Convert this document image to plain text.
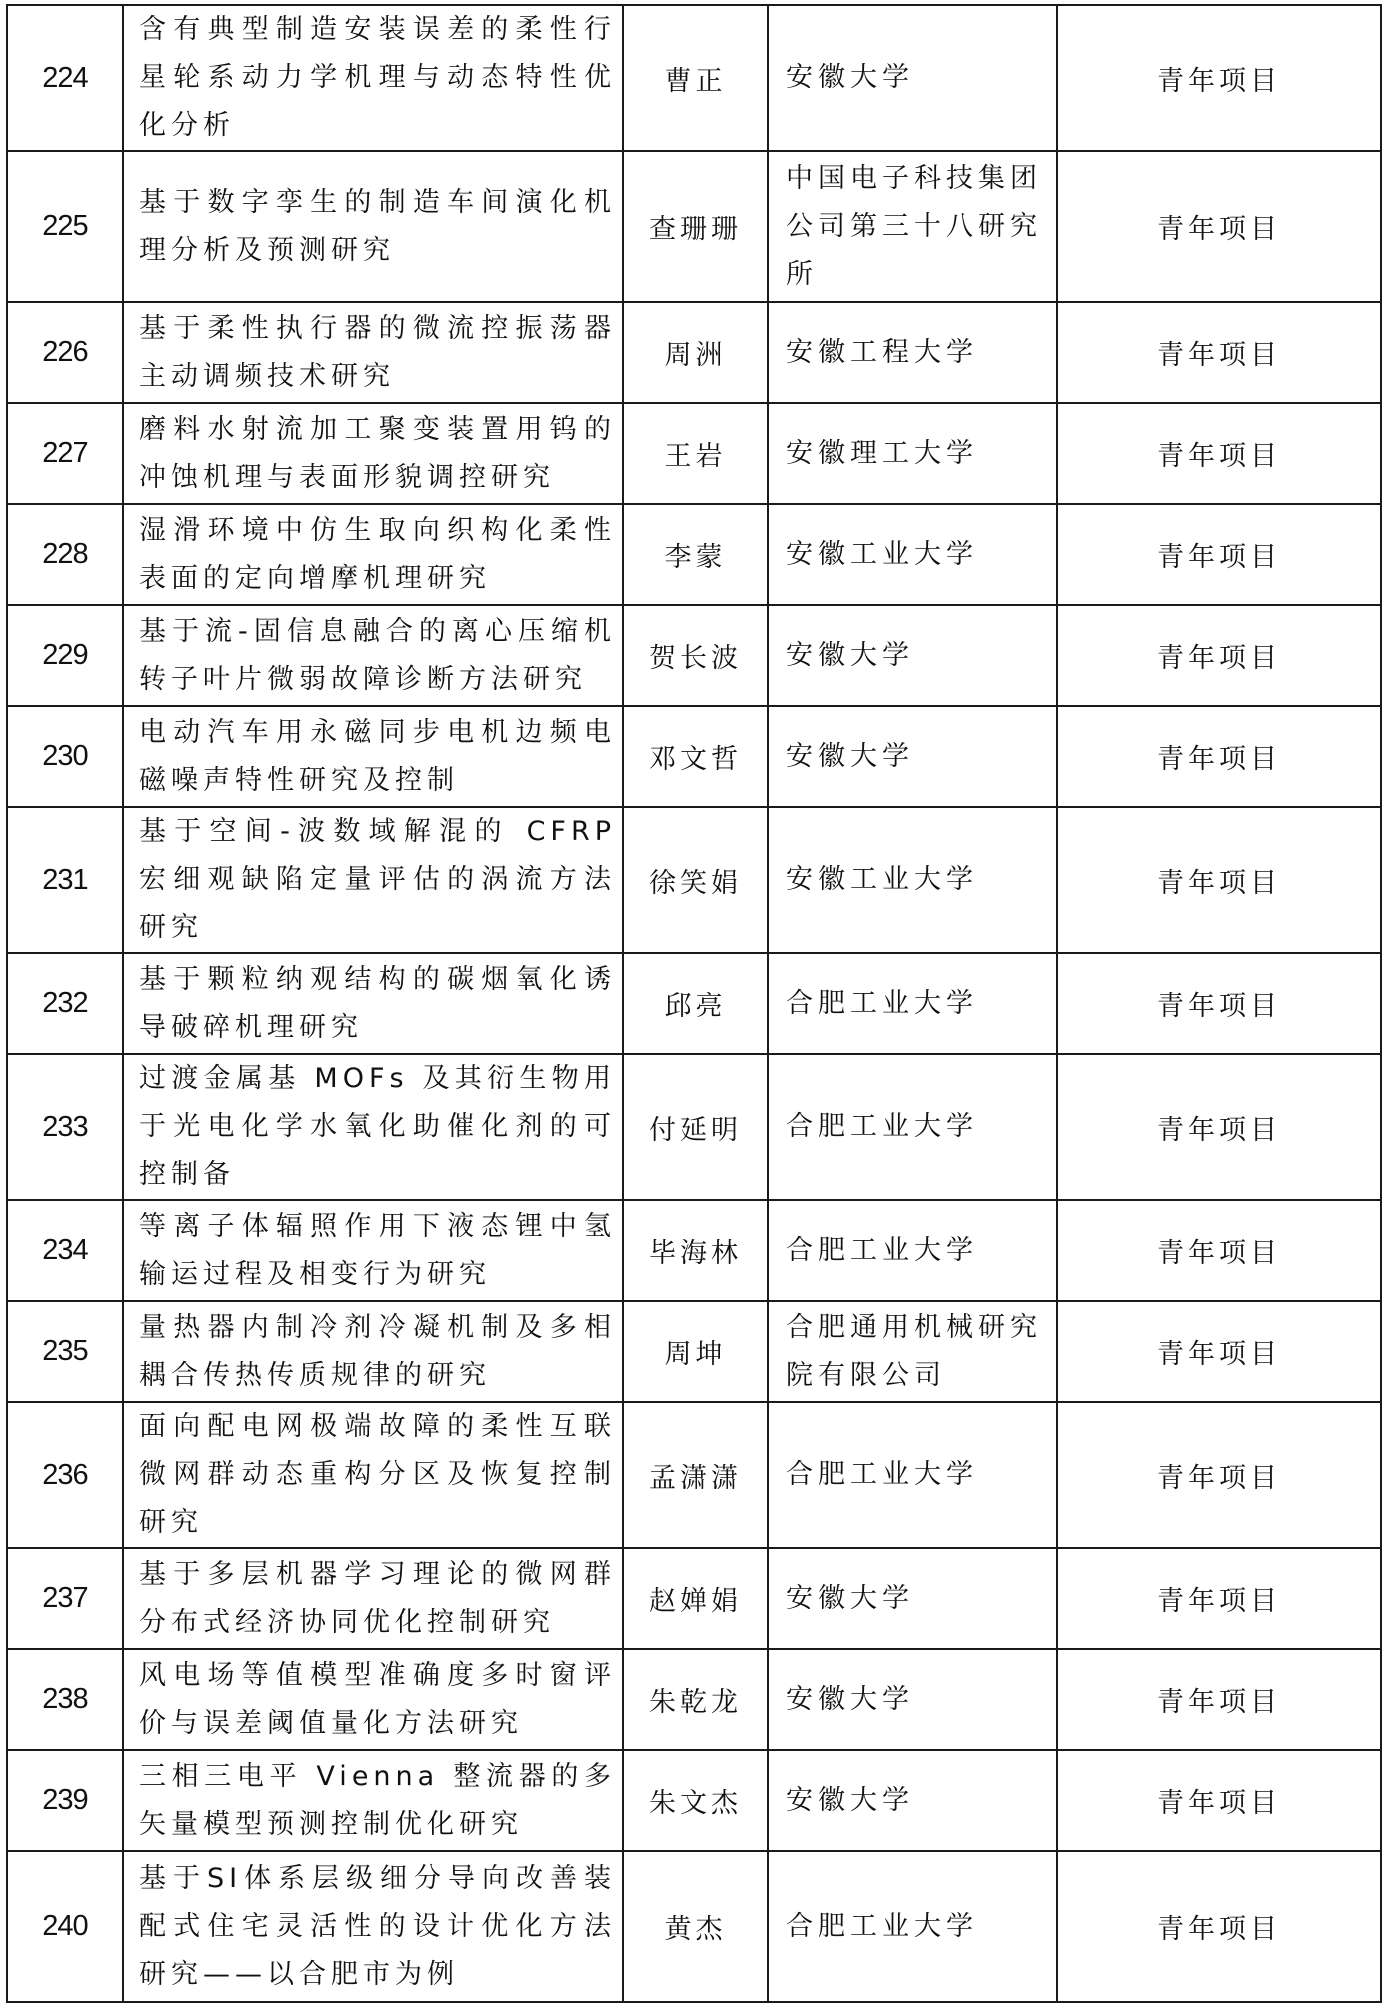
224	含有典型制造安装误差的柔性行星轮系动力学机理与动态特性优化分析	曹正	安徽大学	青年项目
225	基于数字孪生的制造车间演化机理分析及预测研究	查珊珊	中国电子科技集团公司第三十八研究所	青年项目
226	基于柔性执行器的微流控振荡器主动调频技术研究	周洲	安徽工程大学	青年项目
227	磨料水射流加工聚变装置用钨的冲蚀机理与表面形貌调控研究	王岩	安徽理工大学	青年项目
228	湿滑环境中仿生取向织构化柔性表面的定向增摩机理研究	李蒙	安徽工业大学	青年项目
229	基于流-固信息融合的离心压缩机转子叶片微弱故障诊断方法研究	贺长波	安徽大学	青年项目
230	电动汽车用永磁同步电机边频电磁噪声特性研究及控制	邓文哲	安徽大学	青年项目
231	基于空间-波数域解混的 CFRP 宏细观缺陷定量评估的涡流方法研究	徐笑娟	安徽工业大学	青年项目
232	基于颗粒纳观结构的碳烟氧化诱导破碎机理研究	邱亮	合肥工业大学	青年项目
233	过渡金属基 MOFs 及其衍生物用于光电化学水氧化助催化剂的可控制备	付延明	合肥工业大学	青年项目
234	等离子体辐照作用下液态锂中氢输运过程及相变行为研究	毕海林	合肥工业大学	青年项目
235	量热器内制冷剂冷凝机制及多相耦合传热传质规律的研究	周坤	合肥通用机械研究院有限公司	青年项目
236	面向配电网极端故障的柔性互联微网群动态重构分区及恢复控制研究	孟潇潇	合肥工业大学	青年项目
237	基于多层机器学习理论的微网群分布式经济协同优化控制研究	赵婵娟	安徽大学	青年项目
238	风电场等值模型准确度多时窗评价与误差阈值量化方法研究	朱乾龙	安徽大学	青年项目
239	三相三电平 Vienna 整流器的多矢量模型预测控制优化研究	朱文杰	安徽大学	青年项目
240	基于SI体系层级细分导向改善装配式住宅灵活性的设计优化方法研究——以合肥市为例	黄杰	合肥工业大学	青年项目
